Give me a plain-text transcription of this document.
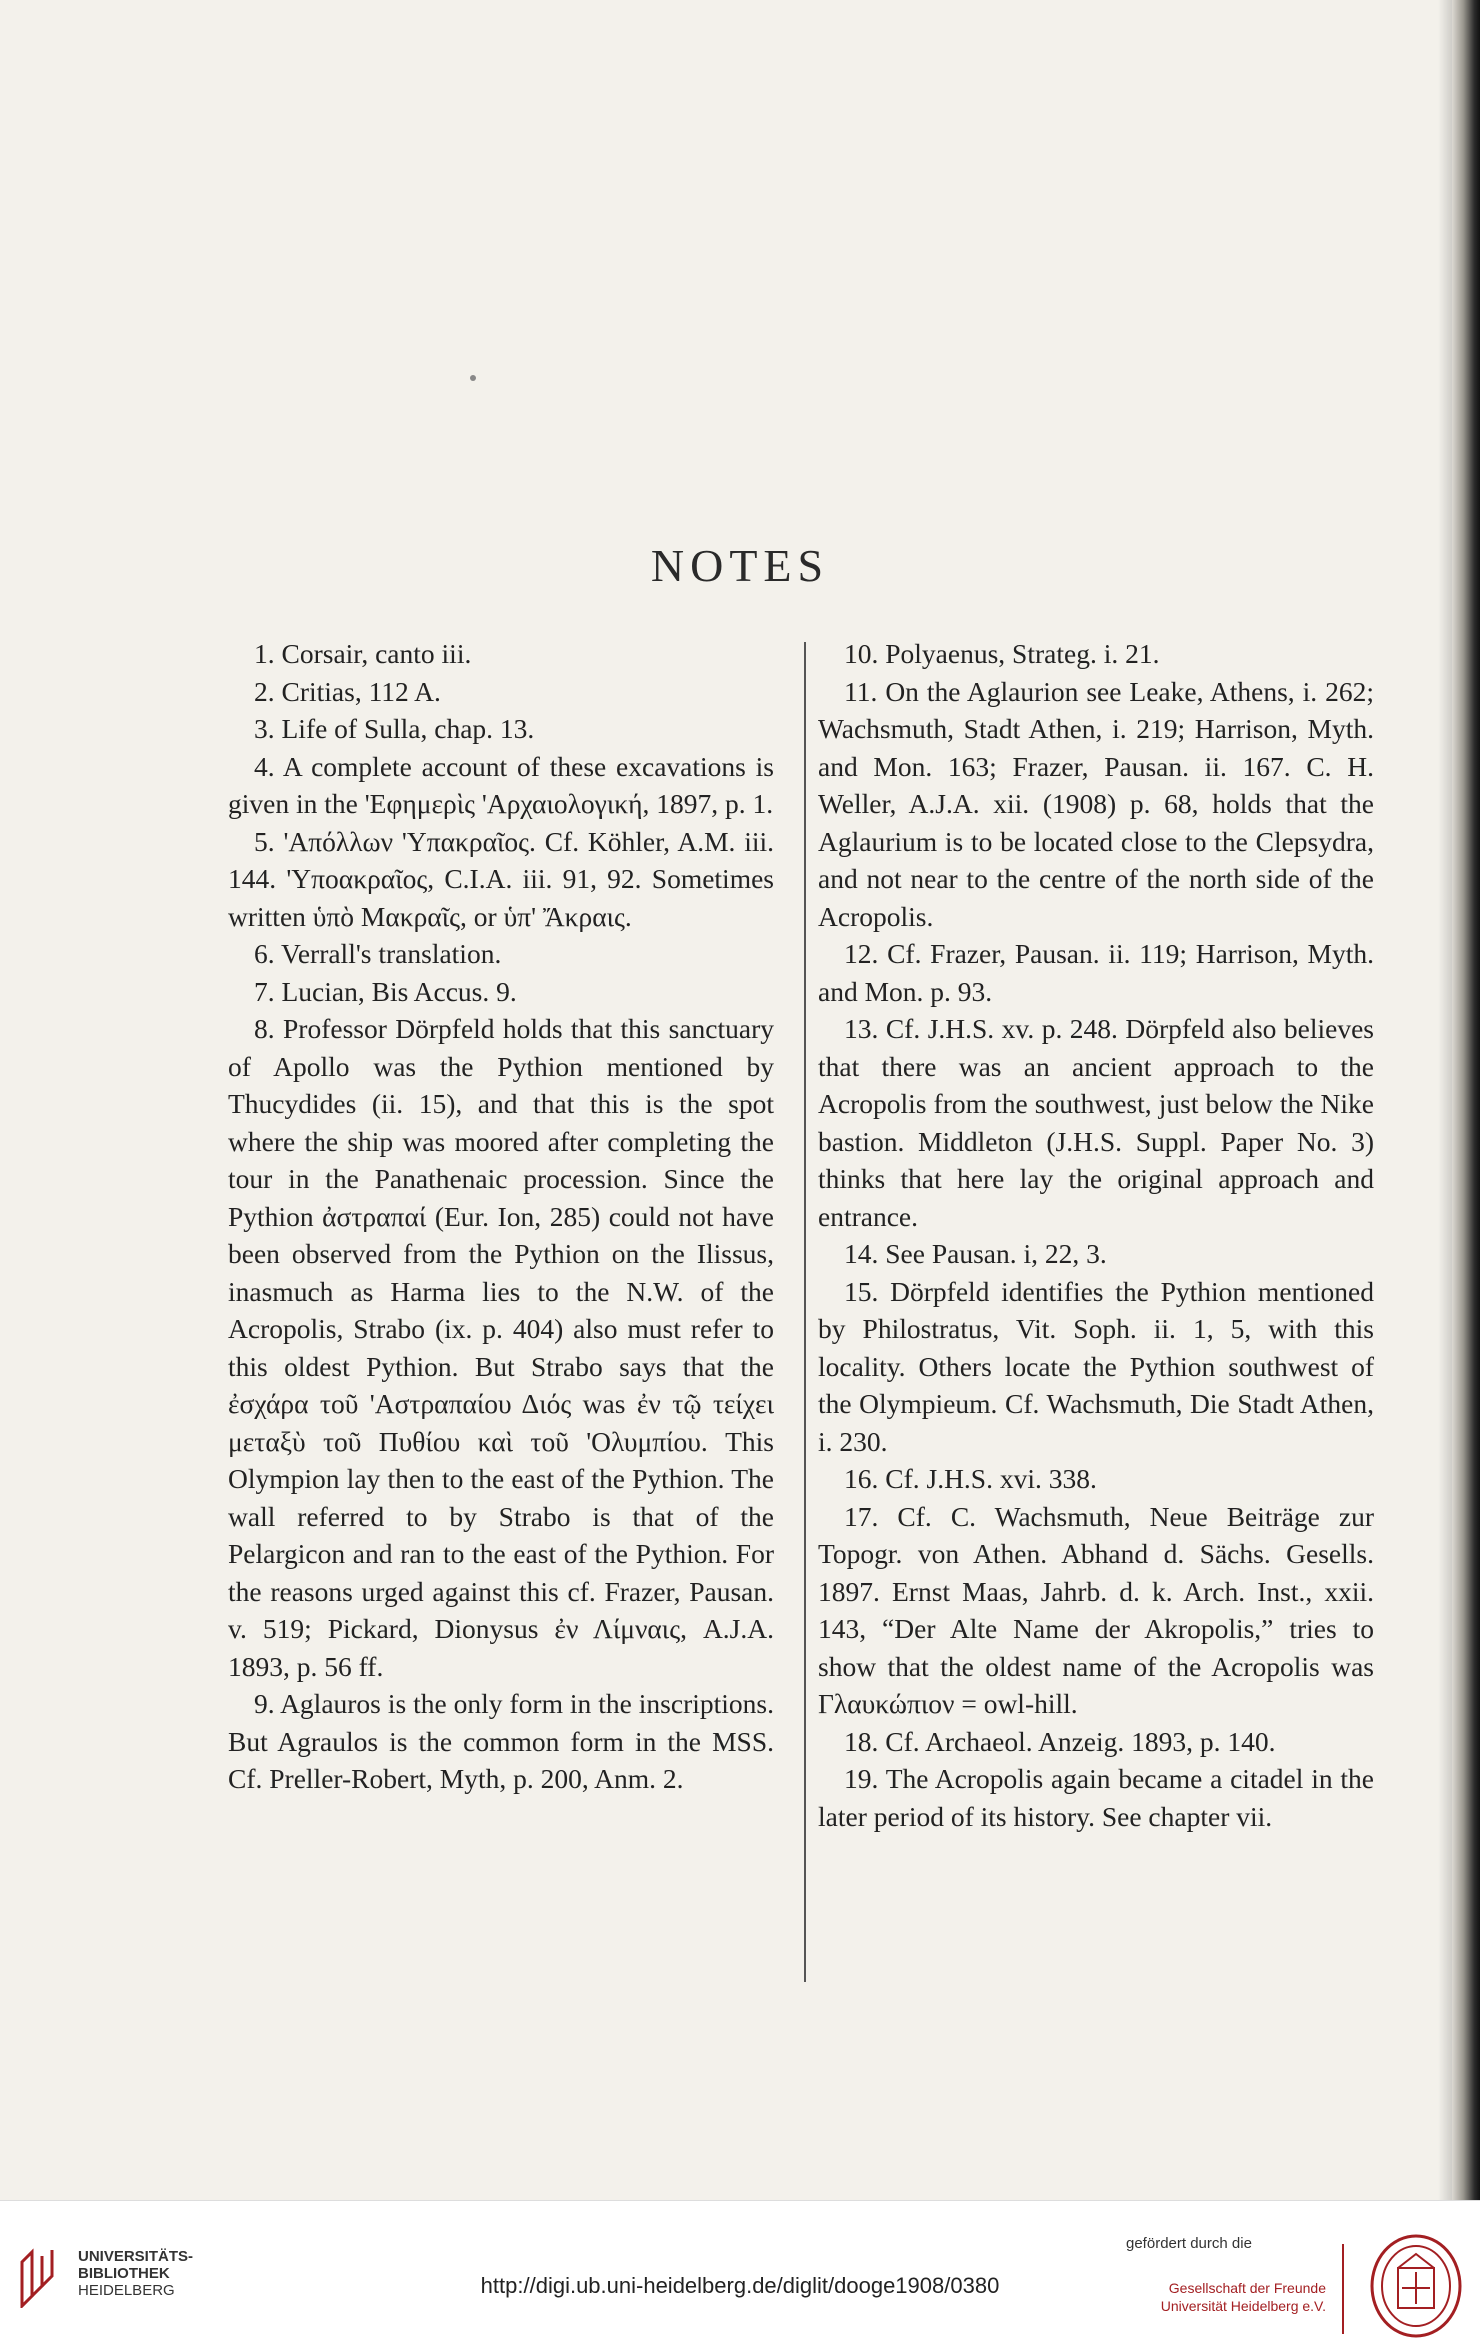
NOTES

1. Corsair, canto iii.

2. Critias, 112 A.

3. Life of Sulla, chap. 13.

4. A complete account of these excavations is given in the 'Εφημερὶς 'Αρχαιολογική, 1897, p. 1.

5. 'Απόλλων 'Υπακραῖος. Cf. Köhler, A.M. iii. 144. 'Υποακραῖος, C.I.A. iii. 91, 92. Sometimes written ὑπὸ Μακραῖς, or ὑπ' Ἄκραις.

6. Verrall's translation.

7. Lucian, Bis Accus. 9.

8. Professor Dörpfeld holds that this sanctuary of Apollo was the Pythion mentioned by Thucydides (ii. 15), and that this is the spot where the ship was moored after completing the tour in the Panathenaic procession. Since the Pythion ἀστραπαί (Eur. Ion, 285) could not have been observed from the Pythion on the Ilissus, inasmuch as Harma lies to the N.W. of the Acropolis, Strabo (ix. p. 404) also must refer to this oldest Pythion. But Strabo says that the ἐσχάρα τοῦ 'Αστραπαίου Διός was ἐν τῷ τείχει μεταξὺ τοῦ Πυθίου καὶ τοῦ 'Ολυμπίου. This Olympion lay then to the east of the Pythion. The wall referred to by Strabo is that of the Pelargicon and ran to the east of the Pythion. For the reasons urged against this cf. Frazer, Pausan. v. 519; Pickard, Dionysus ἐν Λίμναις, A.J.A. 1893, p. 56 ff.

9. Aglauros is the only form in the inscriptions. But Agraulos is the common form in the MSS. Cf. Preller-Robert, Myth, p. 200, Anm. 2.

10. Polyaenus, Strateg. i. 21.

11. On the Aglaurion see Leake, Athens, i. 262; Wachsmuth, Stadt Athen, i. 219; Harrison, Myth. and Mon. 163; Frazer, Pausan. ii. 167. C. H. Weller, A.J.A. xii. (1908) p. 68, holds that the Aglaurium is to be located close to the Clepsydra, and not near to the centre of the north side of the Acropolis.

12. Cf. Frazer, Pausan. ii. 119; Harrison, Myth. and Mon. p. 93.

13. Cf. J.H.S. xv. p. 248. Dörpfeld also believes that there was an ancient approach to the Acropolis from the southwest, just below the Nike bastion. Middleton (J.H.S. Suppl. Paper No. 3) thinks that here lay the original approach and entrance.

14. See Pausan. i, 22, 3.

15. Dörpfeld identifies the Pythion mentioned by Philostratus, Vit. Soph. ii. 1, 5, with this locality. Others locate the Pythion southwest of the Olympieum. Cf. Wachsmuth, Die Stadt Athen, i. 230.

16. Cf. J.H.S. xvi. 338.

17. Cf. C. Wachsmuth, Neue Beiträge zur Topogr. von Athen. Abhand d. Sächs. Gesells. 1897. Ernst Maas, Jahrb. d. k. Arch. Inst., xxii. 143, “Der Alte Name der Akropolis,” tries to show that the oldest name of the Acropolis was Γλαυκώπιον = owl-hill.

18. Cf. Archaeol. Anzeig. 1893, p. 140.

19. The Acropolis again became a citadel in the later period of its history. See chapter vii.

UNIVERSITÄTS-
BIBLIOTHEK
HEIDELBERG	http://digi.ub.uni-heidelberg.de/diglit/dooge1908/0380
gefördert durch die
Gesellschaft der Freunde
Universität Heidelberg e.V.
